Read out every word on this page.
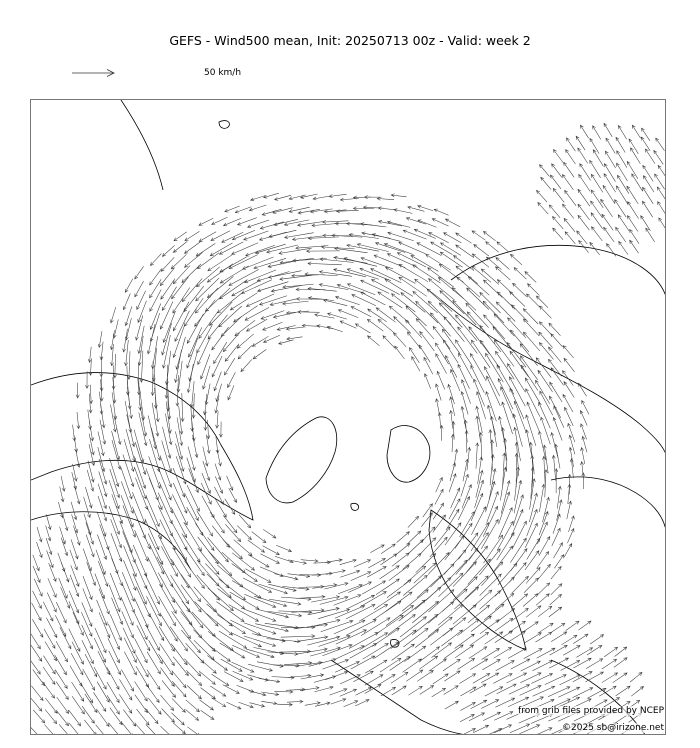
GEFS - Wind500 mean, Init: 20250713 00z - Valid: week 2
50 km/h
from grib files provided by NCEP
©2025 sb@irizone.net
